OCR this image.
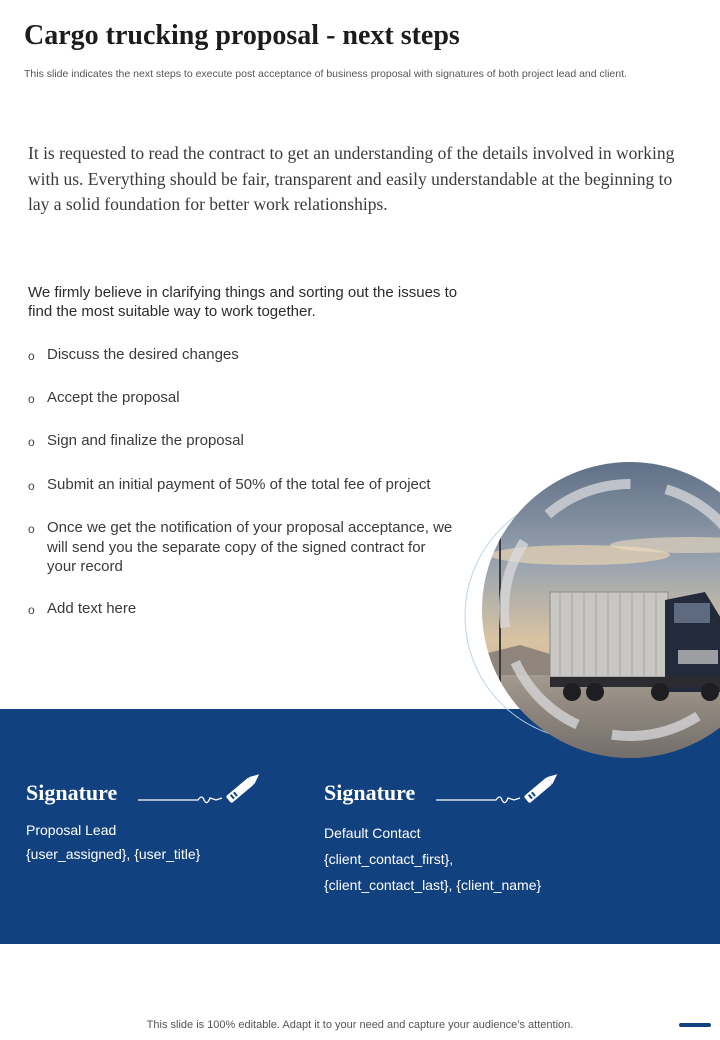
Cargo trucking proposal - next steps
This slide indicates the next steps to execute post acceptance of business proposal with signatures of both project lead and client.
It is requested to read the contract to get an understanding of the details involved in working with us. Everything should be fair, transparent and easily understandable at the beginning to lay a solid foundation for better work relationships.
We firmly believe in clarifying things and sorting out the issues to find the most suitable way to work together.
o Discuss the desired changes
o Accept the proposal
o Sign and finalize the proposal
o Submit an initial payment of 50% of the total fee of project
o Once we get the notification of your proposal acceptance, we will send you the separate copy of the signed contract for your record
o Add text here
Signature
Proposal Lead
{user_assigned}, {user_title}
Signature
Default Contact
{client_contact_first},
{client_contact_last}, {client_name}
This slide is 100% editable. Adapt it to your need and capture your audience’s attention.
